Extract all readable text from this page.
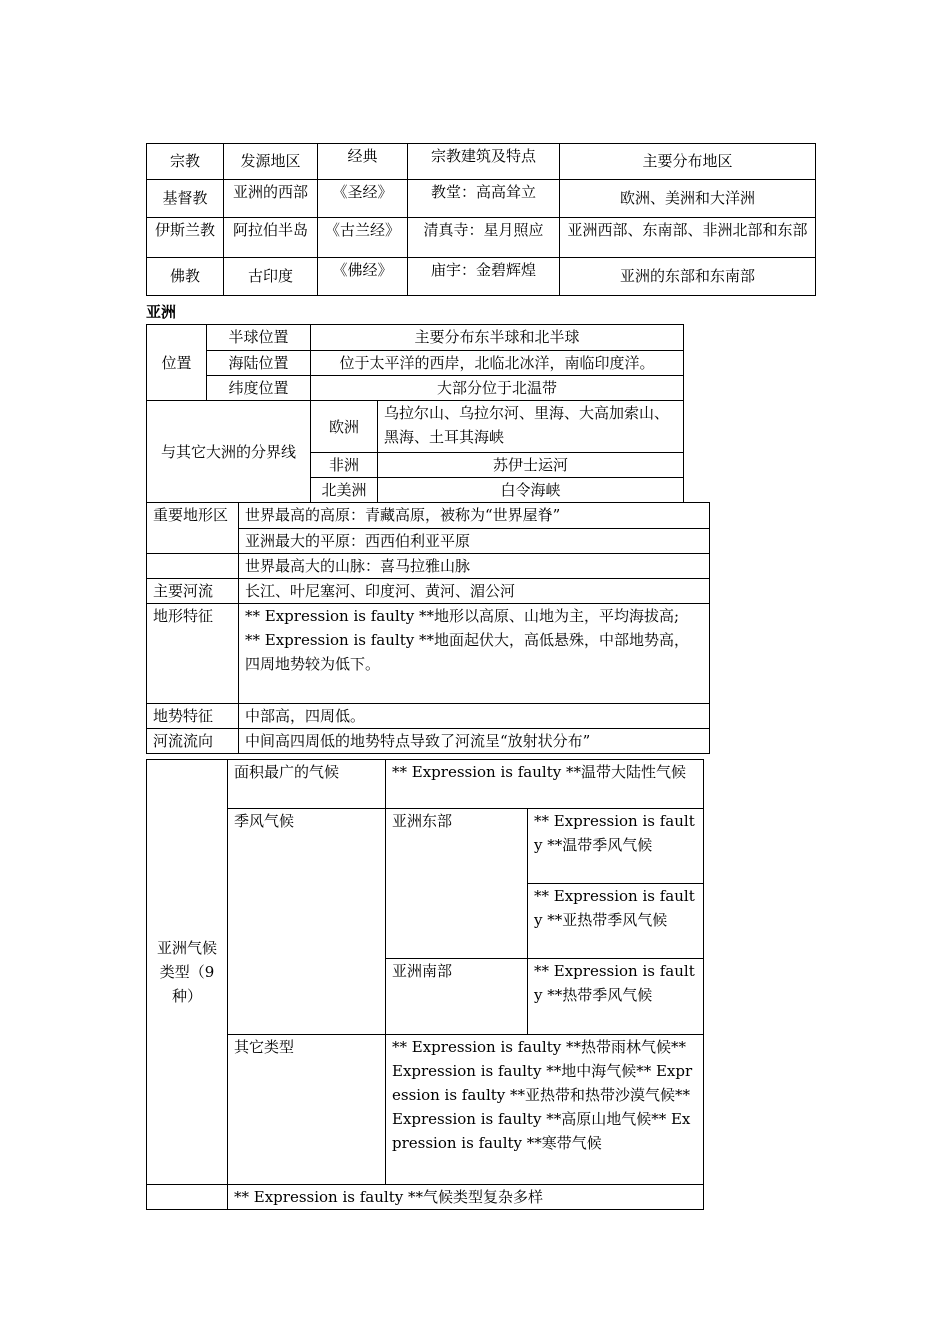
宗教	发源地区	经典	宗教建筑及特点	主要分布地区
基督教	亚洲的西部	《圣经》	教堂：高高耸立	欧洲、美洲和大洋洲
伊斯兰教	阿拉伯半岛	《古兰经》	清真寺：星月照应	亚洲西部、东南部、非洲北部和东部
佛教	古印度	《佛经》	庙宇：金碧辉煌	亚洲的东部和东南部
亚洲
位置	半球位置	主要分布东半球和北半球	
	海陆位置	位于太平洋的西岸，北临北冰洋，南临印度洋。	
	纬度位置	大部分位于北温带	
与其它大洲的分界线		欧洲	乌拉尔山、乌拉尔河、里海、大高加索山、黑海、土耳其海峡
		非洲	苏伊士运河
		北美洲	白令海峡
重要地形区	世界最高的高原：青藏高原，被称为“世界屋脊”
	亚洲最大的平原：西西伯利亚平原
	世界最高大的山脉：喜马拉雅山脉
主要河流	长江、叶尼塞河、印度河、黄河、湄公河
地形特征	** Expression is faulty **地形以高原、山地为主，平均海拔高;
** Expression is faulty **地面起伏大，高低悬殊，中部地势高，四周地势较为低下。

地势特征	中部高，四周低。
河流流向	中间高四周低的地势特点导致了河流呈“放射状分布”
亚洲气候类型（9种）	面积最广的气候	** Expression is faulty **温带大陆性气候	
	季风气候	亚洲东部	** Expression is faulty **温带季风气候
			** Expression is faulty **亚热带季风气候
		亚洲南部	** Expression is faulty **热带季风气候
	其它类型	** Expression is faulty **热带雨林气候** Expression is faulty **地中海气候** Expression is faulty **亚热带和热带沙漠气候** Expression is faulty **高原山地气候** Expression is faulty **寒带气候	
	** Expression is faulty **气候类型复杂多样		
